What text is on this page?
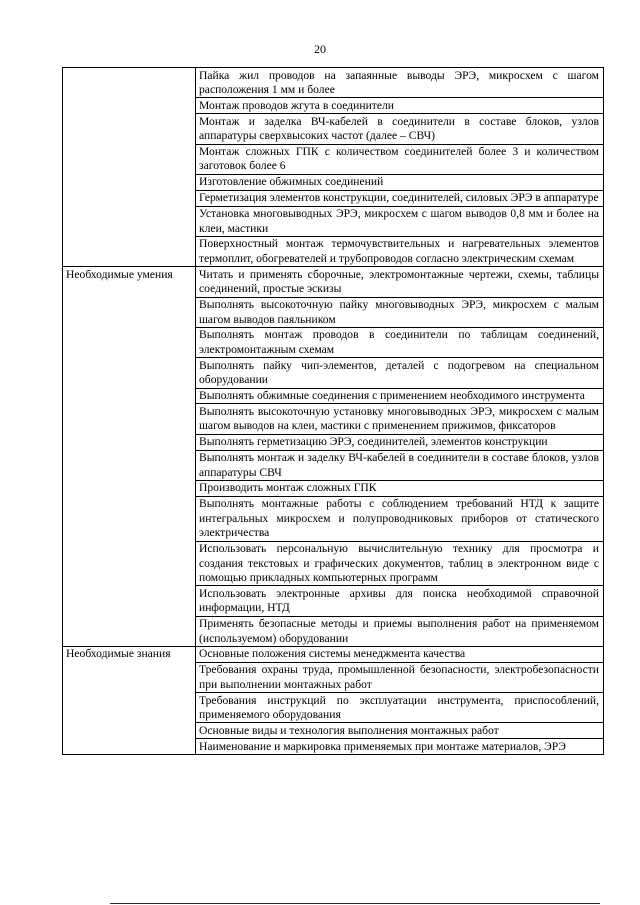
20
	Пайка жил проводов на запаянные выводы ЭРЭ, микросхем с шагом расположения 1 мм и более
	Монтаж проводов жгута в соединители
	Монтаж и заделка ВЧ-кабелей в соединители в составе блоков, узлов аппаратуры сверхвысоких частот (далее – СВЧ)
	Монтаж сложных ГПК с количеством соединителей более 3 и количеством заготовок более 6
	Изготовление обжимных соединений
	Герметизация элементов конструкции, соединителей, силовых ЭРЭ в аппаратуре
	Установка многовыводных ЭРЭ, микросхем с шагом выводов 0,8 мм и более на клеи, мастики
	Поверхностный монтаж термочувствительных и нагревательных элементов термоплит, обогревателей и трубопроводов согласно электрическим схемам
Необходимые умения	Читать и применять сборочные, электромонтажные чертежи, схемы, таблицы соединений, простые эскизы
	Выполнять высокоточную пайку многовыводных ЭРЭ, микросхем с малым шагом выводов паяльником
	Выполнять монтаж проводов в соединители по таблицам соединений, электромонтажным схемам
	Выполнять пайку чип-элементов, деталей с подогревом на специальном оборудовании
	Выполнять обжимные соединения с применением необходимого инструмента
	Выполнять высокоточную установку многовыводных ЭРЭ, микросхем с малым шагом выводов на клеи, мастики с применением прижимов, фиксаторов
	Выполнять герметизацию ЭРЭ, соединителей, элементов конструкции
	Выполнять монтаж и заделку ВЧ-кабелей в соединители в составе блоков, узлов аппаратуры СВЧ
	Производить монтаж сложных ГПК
	Выполнять монтажные работы с соблюдением требований НТД к защите интегральных микросхем и полупроводниковых приборов от статического электричества
	Использовать персональную вычислительную технику для просмотра и создания текстовых и графических документов, таблиц в электронном виде с помощью прикладных компьютерных программ
	Использовать электронные архивы для поиска необходимой справочной информации, НТД
	Применять безопасные методы и приемы выполнения работ на применяемом (используемом) оборудовании
Необходимые знания	Основные положения системы менеджмента качества
	Требования охраны труда, промышленной безопасности, электробезопасности при выполнении монтажных работ
	Требования инструкций по эксплуатации инструмента, приспособлений, применяемого оборудования
	Основные виды и технология выполнения монтажных работ
	Наименование и маркировка применяемых при монтаже материалов, ЭРЭ
